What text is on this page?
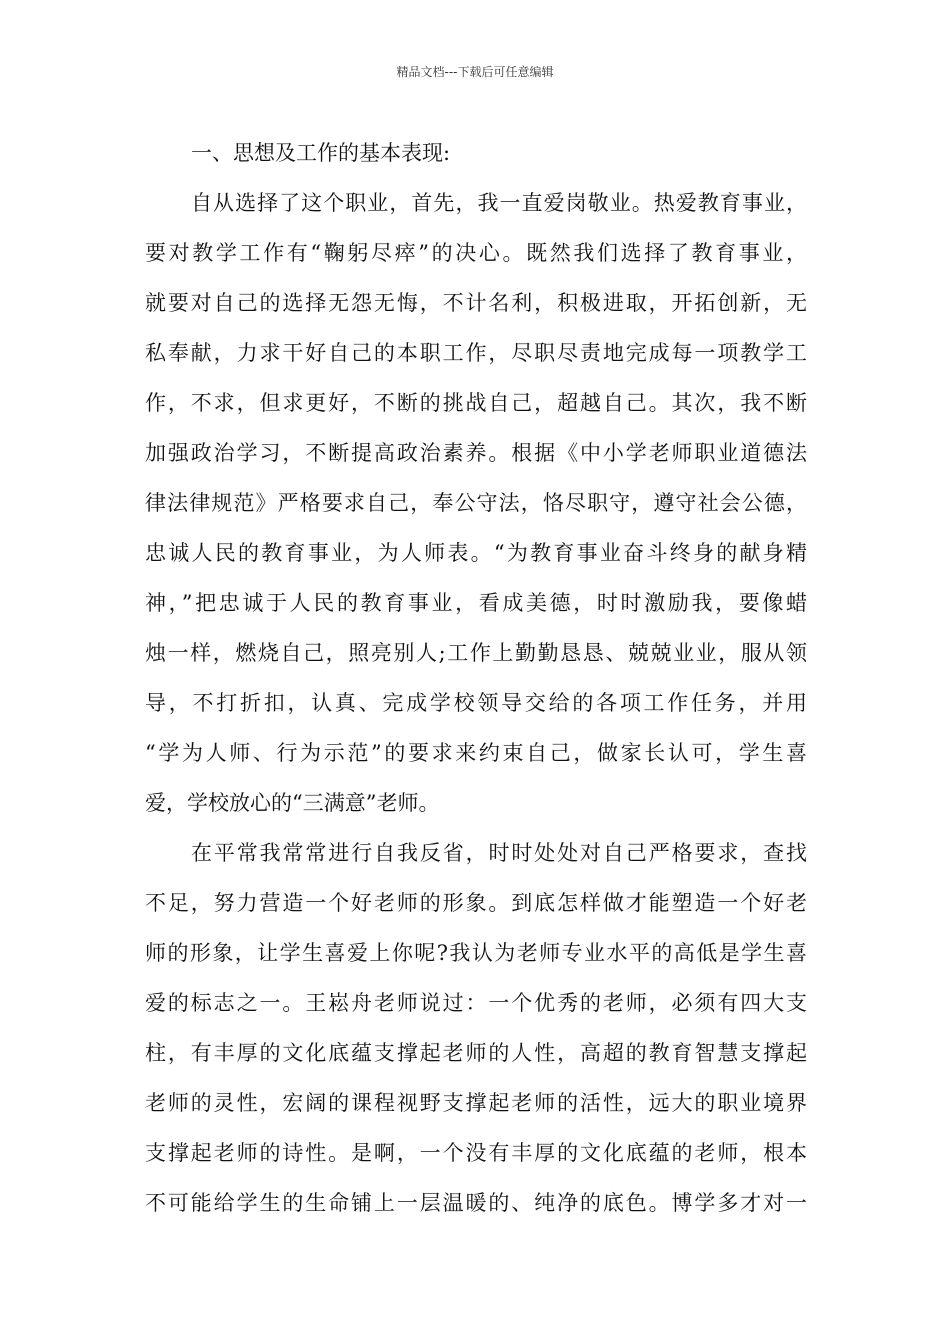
精品文档---下载后可任意编辑
一、思想及工作的基本表现:
自从选择了这个职业，首先，我一直爱岗敬业。热爱教育事业，
要对教学工作有“鞠躬尽瘁”的决心。既然我们选择了教育事业，
就要对自己的选择无怨无悔，不计名利，积极进取，开拓创新，无
私奉献，力求干好自己的本职工作，尽职尽责地完成每一项教学工
作，不求，但求更好，不断的挑战自己，超越自己。其次，我不断
加强政治学习，不断提高政治素养。根据《中小学老师职业道德法
律法律规范》严格要求自己，奉公守法，恪尽职守，遵守社会公德，
忠诚人民的教育事业，为人师表。“为教育事业奋斗终身的献身精
神，”把忠诚于人民的教育事业，看成美德，时时激励我，要像蜡
烛一样，燃烧自己，照亮别人;工作上勤勤恳恳、兢兢业业，服从领
导，不打折扣，认真、完成学校领导交给的各项工作任务，并用
“学为人师、行为示范”的要求来约束自己，做家长认可，学生喜
爱，学校放心的“三满意”老师。
在平常我常常进行自我反省，时时处处对自己严格要求，查找
不足，努力营造一个好老师的形象。到底怎样做才能塑造一个好老
师的形象，让学生喜爱上你呢?我认为老师专业水平的高低是学生喜
爱的标志之一。王崧舟老师说过：一个优秀的老师，必须有四大支
柱，有丰厚的文化底蕴支撑起老师的人性，高超的教育智慧支撑起
老师的灵性，宏阔的课程视野支撑起老师的活性，远大的职业境界
支撑起老师的诗性。是啊，一个没有丰厚的文化底蕴的老师，根本
不可能给学生的生命铺上一层温暖的、纯净的底色。博学多才对一
